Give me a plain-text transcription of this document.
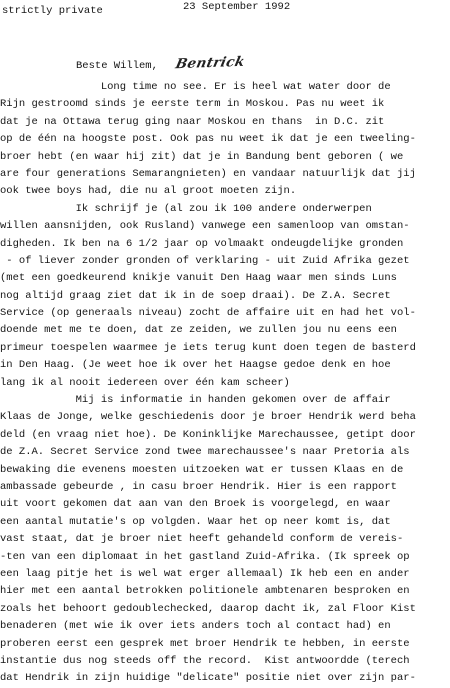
strictly private	23 September 1992
Beste Willem, Bentrick
Long time no see. Er is heel wat water door de
Rijn gestroomd sinds je eerste term in Moskou. Pas nu weet ik
dat je na Ottawa terug ging naar Moskou en thans  in D.C. zit
op de één na hoogste post. Ook pas nu weet ik dat je een tweeling-
broer hebt (en waar hij zit) dat je in Bandung bent geboren ( we
are four generations Semarangnieten) en vandaar natuurlijk dat jij
ook twee boys had, die nu al groot moeten zijn.
Ik schrijf je (al zou ik 100 andere onderwerpen
willen aansnijden, ook Rusland) vanwege een samenloop van omstan-
digheden. Ik ben na 6 1/2 jaar op volmaakt ondeugdelijke gronden
- of liever zonder gronden of verklaring - uit Zuid Afrika gezet
(met een goedkeurend knikje vanuit Den Haag waar men sinds Luns
nog altijd graag ziet dat ik in de soep draai). De Z.A. Secret
Service (op generaals niveau) zocht de affaire uit en had het vol-
doende met me te doen, dat ze zeiden, we zullen jou nu eens een
primeur toespelen waarmee je iets terug kunt doen tegen de basterd
in Den Haag. (Je weet hoe ik over het Haagse gedoe denk en hoe
lang ik al nooit iedereen over één kam scheer)
Mij is informatie in handen gekomen over de affair
Klaas de Jonge, welke geschiedenis door je broer Hendrik werd beha
deld (en vraag niet hoe). De Koninklijke Marechaussee, getipt door
de Z.A. Secret Service zond twee marechaussee's naar Pretoria als
bewaking die evenens moesten uitzoeken wat er tussen Klaas en de
ambassade gebeurde , in casu broer Hendrik. Hier is een rapport
uit voort gekomen dat aan van den Broek is voorgelegd, en waar
een aantal mutatie's op volgden. Waar het op neer komt is, dat
vast staat, dat je broer niet heeft gehandeld conform de vereis-
-ten van een diplomaat in het gastland Zuid-Afrika. (Ik spreek op
een laag pitje het is wel wat erger allemaal) Ik heb een en ander
hier met een aantal betrokken politionele ambtenaren besproken en
zoals het behoort gedoublechecked, daarop dacht ik, zal Floor Kist
benaderen (met wie ik over iets anders toch al contact had) en
proberen eerst een gesprek met broer Hendrik te hebben, in eerste
instantie dus nog steeds off the record.  Kist antwoordde (terech
dat Hendrik in zijn huidige "delicate" positie niet over zijn par-
